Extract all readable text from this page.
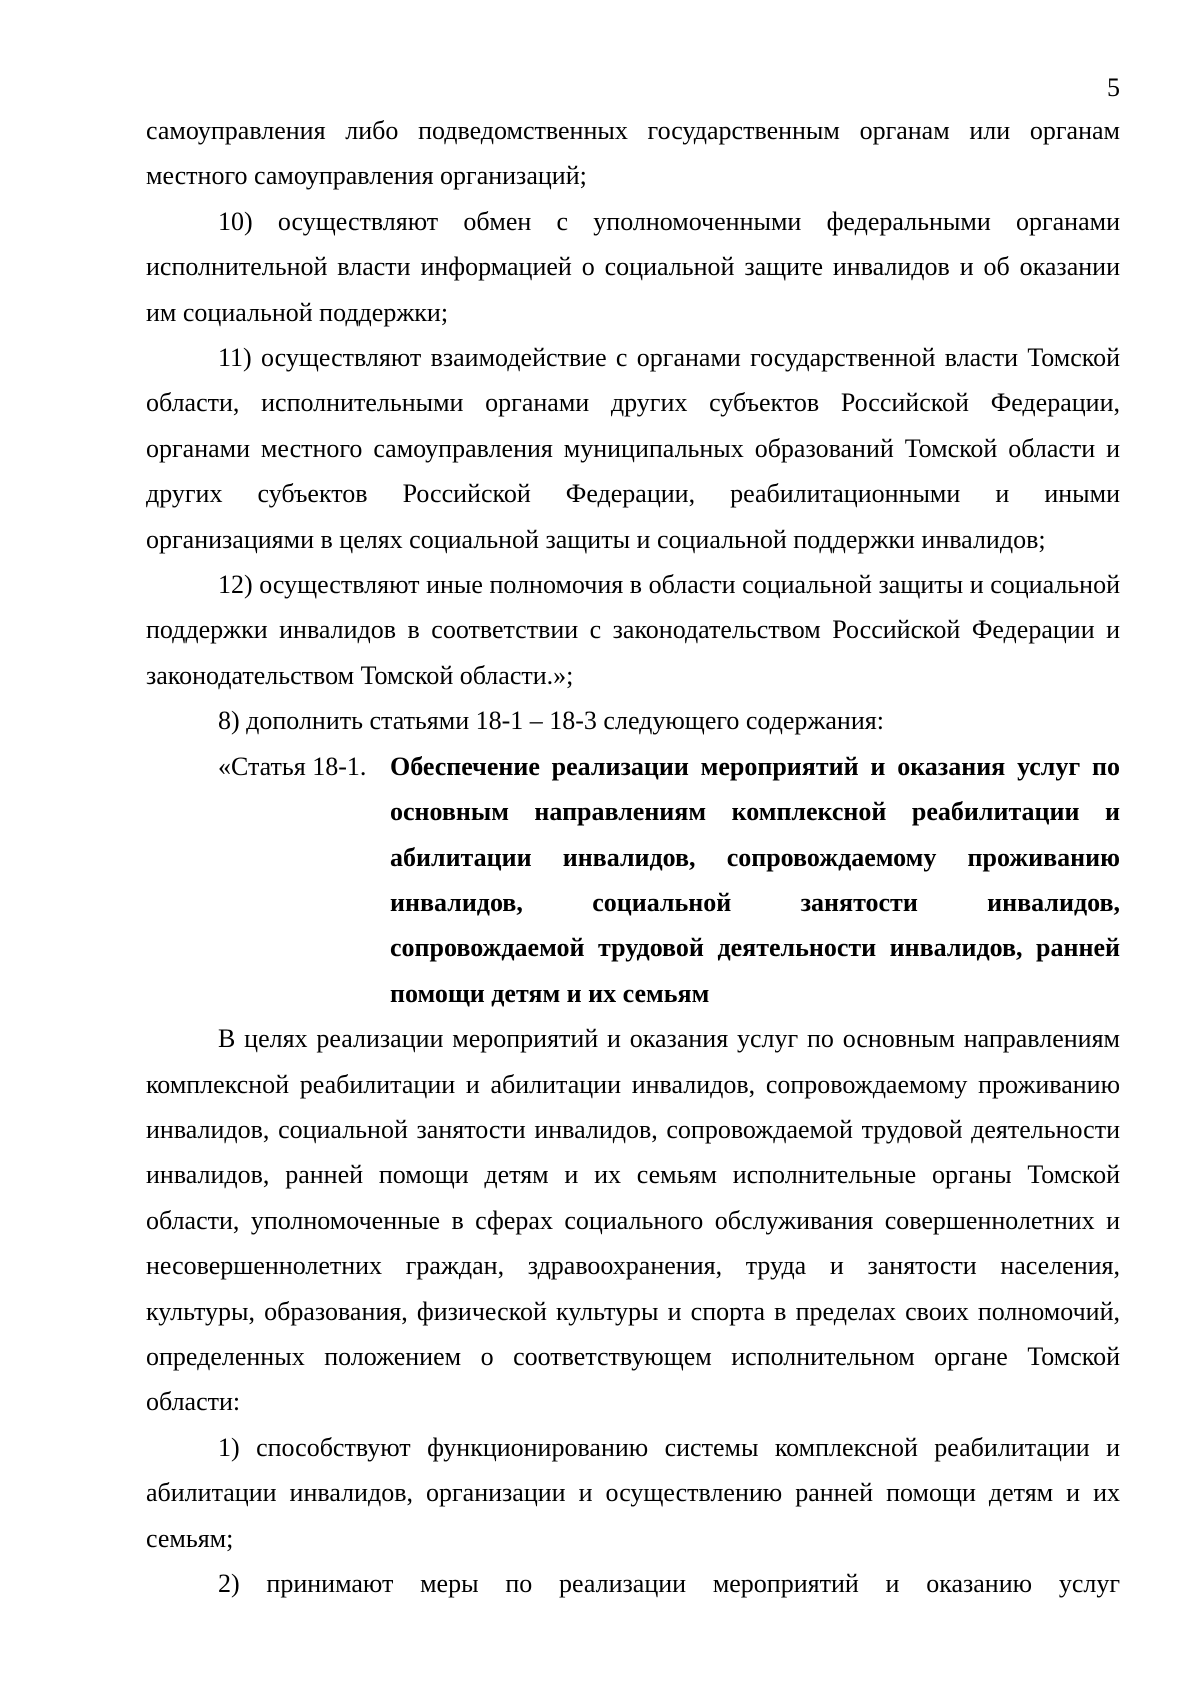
5

самоуправления либо подведомственных государственным органам или органам местного самоуправления организаций;

10) осуществляют обмен с уполномоченными федеральными органами исполнительной власти информацией о социальной защите инвалидов и об оказании им социальной поддержки;

11) осуществляют взаимодействие с органами государственной власти Томской области, исполнительными органами других субъектов Российской Федерации, органами местного самоуправления муниципальных образований Томской области и других субъектов Российской Федерации, реабилитационными и иными организациями в целях социальной защиты и социальной поддержки инвалидов;

12) осуществляют иные полномочия в области социальной защиты и социальной поддержки инвалидов в соответствии с законодательством Российской Федерации и законодательством Томской области.»;

8) дополнить статьями 18-1 – 18-3 следующего содержания:

«Статья 18-1. Обеспечение реализации мероприятий и оказания услуг по основным направлениям комплексной реабилитации и абилитации инвалидов, сопровождаемому проживанию инвалидов, социальной занятости инвалидов, сопровождаемой трудовой деятельности инвалидов, ранней помощи детям и их семьям

В целях реализации мероприятий и оказания услуг по основным направлениям комплексной реабилитации и абилитации инвалидов, сопровождаемому проживанию инвалидов, социальной занятости инвалидов, сопровождаемой трудовой деятельности инвалидов, ранней помощи детям и их семьям исполнительные органы Томской области, уполномоченные в сферах социального обслуживания совершеннолетних и несовершеннолетних граждан, здравоохранения, труда и занятости населения, культуры, образования, физической культуры и спорта в пределах своих полномочий, определенных положением о соответствующем исполнительном органе Томской области:

1) способствуют функционированию системы комплексной реабилитации и абилитации инвалидов, организации и осуществлению ранней помощи детям и их семьям;

2) принимают меры по реализации мероприятий и оказанию услуг
